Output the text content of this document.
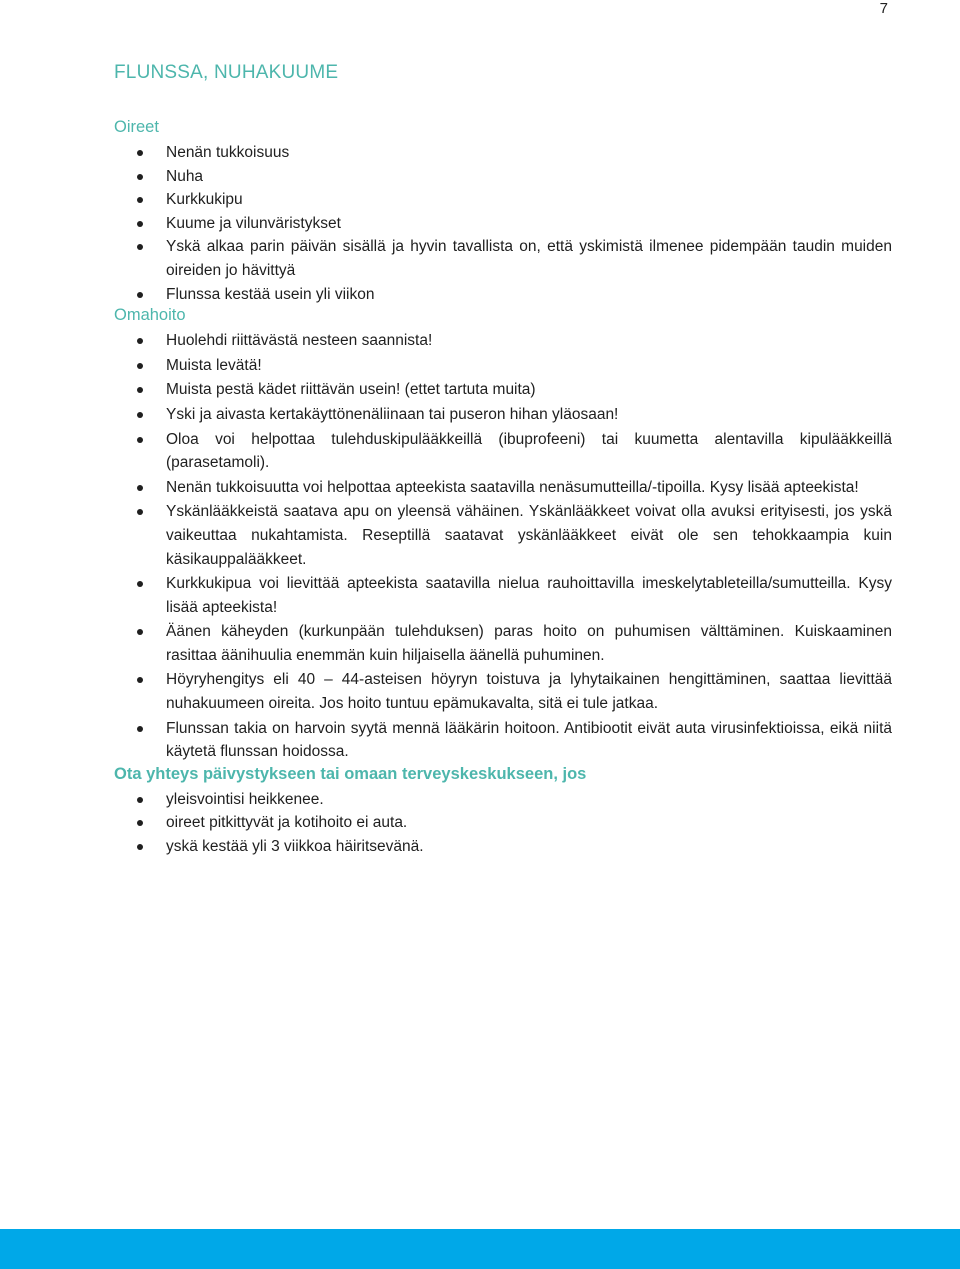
7
FLUNSSA, NUHAKUUME
Oireet
Nenän tukkoisuus
Nuha
Kurkkukipu
Kuume ja vilunväristykset
Yskä alkaa parin päivän sisällä ja hyvin tavallista on, että yskimistä ilmenee pidempään taudin muiden oireiden jo hävittyä
Flunssa kestää usein yli viikon
Omahoito
Huolehdi riittävästä nesteen saannista!
Muista levätä!
Muista pestä kädet riittävän usein! (ettet tartuta muita)
Yski ja aivasta kertakäyttönenäliinaan tai puseron hihan yläosaan!
Oloa voi helpottaa tulehduskipulääkkeillä (ibuprofeeni) tai kuumetta alentavilla kipulääkkeillä (parasetamoli).
Nenän tukkoisuutta voi helpottaa apteekista saatavilla nenäsumutteilla/-tipoilla. Kysy lisää apteekista!
Yskänlääkkeistä saatava apu on yleensä vähäinen. Yskänlääkkeet voivat olla avuksi erityisesti, jos yskä vaikeuttaa nukahtamista. Reseptillä saatavat yskänlääkkeet eivät ole sen tehokkaampia kuin käsikauppalääkkeet.
Kurkkukipua voi lievittää apteekista saatavilla nielua rauhoittavilla imeskelytableteilla/sumutteilla. Kysy lisää apteekista!
Äänen käheyden (kurkunpään tulehduksen) paras hoito on puhumisen välttäminen. Kuiskaaminen rasittaa äänihuulia enemmän kuin hiljaisella äänellä puhuminen.
Höyryhengitys eli 40 – 44-asteisen höyryn toistuva ja lyhytaikainen hengittäminen, saattaa lievittää nuhakuumeen oireita. Jos hoito tuntuu epämukavalta, sitä ei tule jatkaa.
Flunssan takia on harvoin syytä mennä lääkärin hoitoon. Antibiootit eivät auta virusinfektioissa, eikä niitä käytetä flunssan hoidossa.
Ota yhteys päivystykseen tai omaan terveyskeskukseen, jos
yleisvointisi heikkenee.
oireet pitkittyvät ja kotihoito ei auta.
yskä kestää yli 3 viikkoa häiritsevänä.
